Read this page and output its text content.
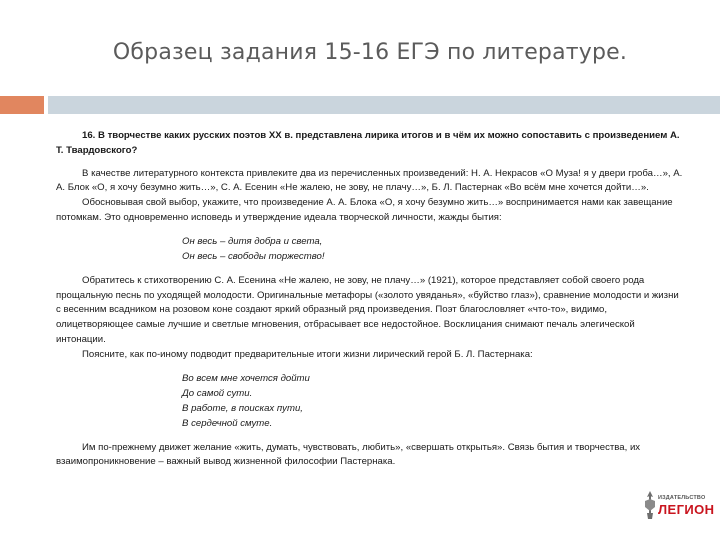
Образец задания 15-16 ЕГЭ по литературе.

16. В творчестве каких русских поэтов ХХ в. представлена лирика итогов и в чём их можно сопоставить с произведением А. Т. Твардовского?

В качестве литературного контекста привлеките два из перечисленных произведений: Н. А. Некрасов «О Муза! я у двери гроба…», А. А. Блок «О, я хочу безумно жить…», С. А. Есенин «Не жалею, не зову, не плачу…», Б. Л. Пастернак «Во всём мне хочется дойти…».

Обосновывая свой выбор, укажите, что произведение А. А. Блока «О, я хочу безумно жить…» воспринимается нами как завещание потомкам. Это одновременно исповедь и утверждение идеала творческой личности, жажды бытия:

Он весь – дитя добра и света,
Он весь – свободы торжество!

Обратитесь к стихотворению С. А. Есенина «Не жалею, не зову, не плачу…» (1921), которое представляет собой своего рода прощальную песнь по уходящей молодости. Оригинальные метафоры («золото увяданья», «буйство глаз»), сравнение молодости и жизни с весенним всадником на розовом коне создают яркий образный ряд произведения. Поэт благословляет «что-то», видимо, олицетворяющее самые лучшие и светлые мгновения, отбрасывает все недостойное. Восклицания снимают печаль элегической интонации.

Поясните, как по-иному подводит предварительные итоги жизни лирический герой Б. Л. Пастернака:

Во всем мне хочется дойти
До самой сути.
В работе, в поисках пути,
В сердечной смуте.

Им по-прежнему движет желание «жить, думать, чувствовать, любить», «свершать открытья». Связь бытия и творчества, их взаимопроникновение – важный вывод жизненной философии Пастернака.

ИЗДАТЕЛЬСТВО
ЛЕГИОН
